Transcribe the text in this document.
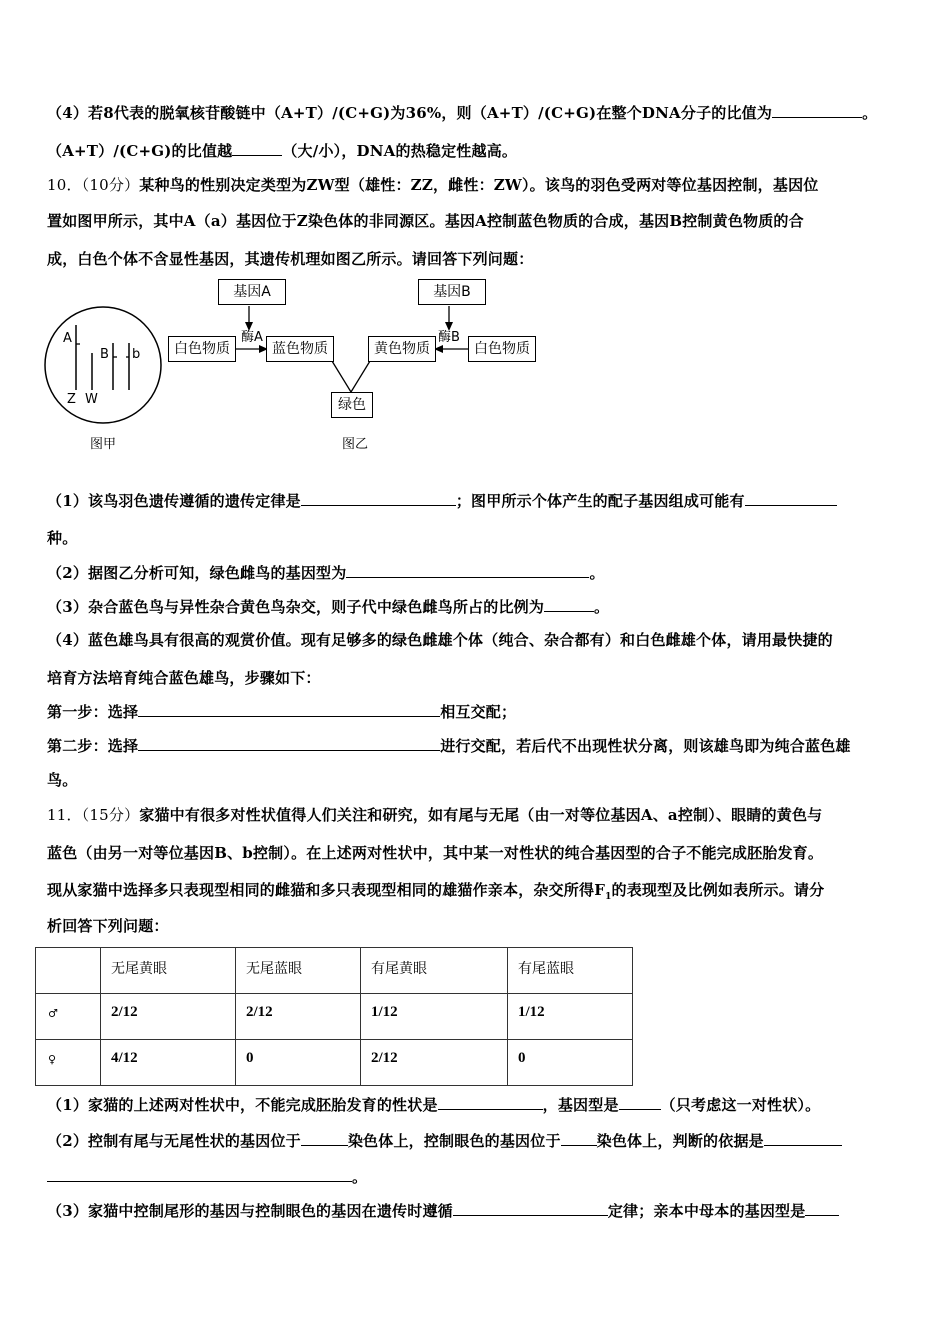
（4）若8代表的脱氧核苷酸链中（A+T）/(C+G)为36%，则（A+T）/(C+G)在整个DNA分子的比值为	。
（A+T）/(C+G)的比值越	（大/小），DNA的热稳定性越高。
10．（10分）某种鸟的性别决定类型为ZW型（雄性：ZZ，雌性：ZW）。该鸟的羽色受两对等位基因控制，基因位
置如图甲所示，其中A（a）基因位于Z染色体的非同源区。基因A控制蓝色物质的合成，基因B控制黄色物质的合
成，白色个体不含显性基因，其遗传机理如图乙所示。请回答下列问题：
A
B b
Z W
图甲
基因A	基因B
酶A	酶B
白色物质	蓝色物质	黄色物质	白色物质
绿色
图乙
（1）该鸟羽色遗传遵循的遗传定律是	；图甲所示个体产生的配子基因组成可能有
种。
（2）据图乙分析可知，绿色雌鸟的基因型为	。
（3）杂合蓝色鸟与异性杂合黄色鸟杂交，则子代中绿色雌鸟所占的比例为	。
（4）蓝色雄鸟具有很高的观赏价值。现有足够多的绿色雌雄个体（纯合、杂合都有）和白色雌雄个体，请用最快捷的
培育方法培育纯合蓝色雄鸟，步骤如下：
第一步：选择	相互交配；
第二步：选择	进行交配，若后代不出现性状分离，则该雄鸟即为纯合蓝色雄
鸟。
11．（15分）家猫中有很多对性状值得人们关注和研究，如有尾与无尾（由一对等位基因A、a控制）、眼睛的黄色与
蓝色（由另一对等位基因B、b控制）。在上述两对性状中，其中某一对性状的纯合基因型的合子不能完成胚胎发育。
现从家猫中选择多只表现型相同的雌猫和多只表现型相同的雄猫作亲本，杂交所得$F_1$的表现型及比例如表所示。请分
析回答下列问题：
	无尾黄眼	无尾蓝眼	有尾黄眼	有尾蓝眼
♂	2/12	2/12	1/12	1/12
♀	4/12	0	2/12	0
（1）家猫的上述两对性状中，不能完成胚胎发育的性状是	，基因型是	（只考虑这一对性状）。
（2）控制有尾与无尾性状的基因位于	染色体上，控制眼色的基因位于 染色体上，判断的依据是
。
（3）家猫中控制尾形的基因与控制眼色的基因在遗传时遵循	定律；亲本中母本的基因型是
